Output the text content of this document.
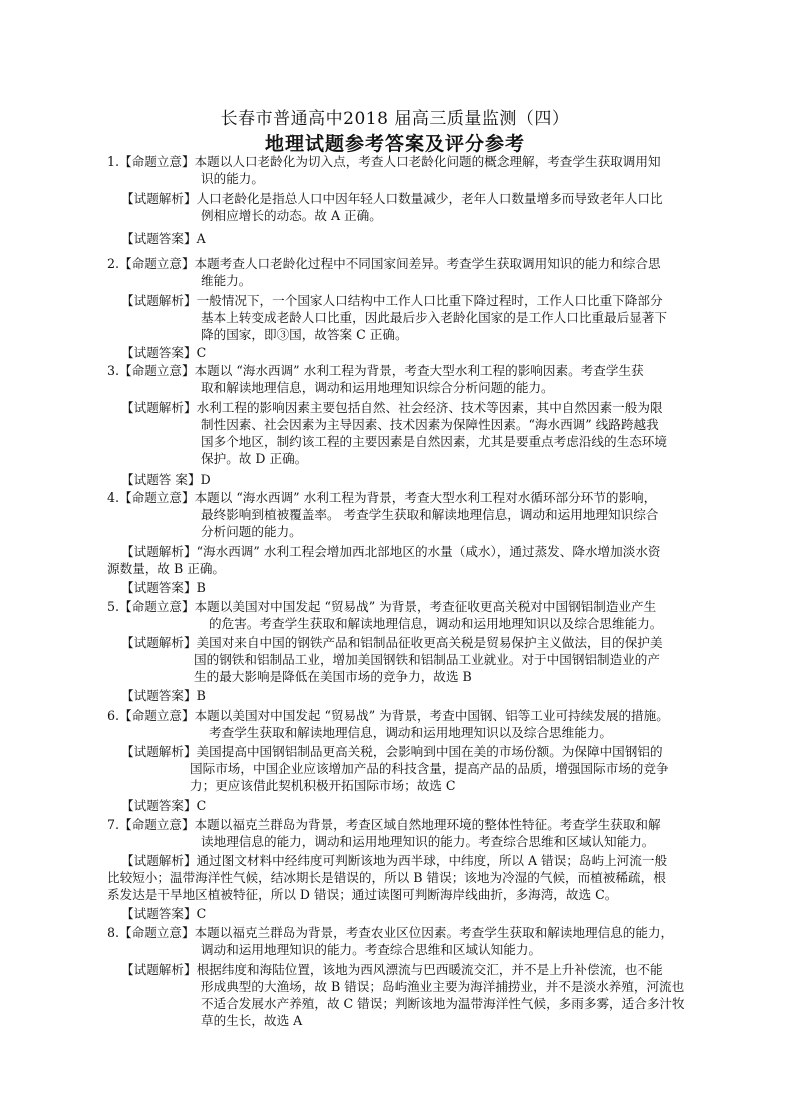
长春市普通高中2018 届高三质量监测（四）
地理试题参考答案及评分参考
1.【命题立意】本题以人口老龄化为切入点，考查人口老龄化问题的概念理解，考查学生获取调用知
识的能力。
【试题解析】人口老龄化是指总人口中因年轻人口数量减少，老年人口数量增多而导致老年人口比
例相应增长的动态。故 A 正确。
【试题答案】A
2.【命题立意】本题考查人口老龄化过程中不同国家间差异。考查学生获取调用知识的能力和综合思
维能力。
【试题解析】一般情况下，一个国家人口结构中工作人口比重下降过程时，工作人口比重下降部分
基本上转变成老龄人口比重，因此最后步入老龄化国家的是工作人口比重最后显著下
降的国家，即③国，故答案 C 正确。
【试题答案】C
3.【命题立意】本题以 “海水西调” 水利工程为背景，考查大型水利工程的影响因素。考查学生获
取和解读地理信息，调动和运用地理知识综合分析问题的能力。
【试题解析】水利工程的影响因素主要包括自然、社会经济、技术等因素，其中自然因素一般为限
制性因素、社会因素为主导因素、技术因素为保障性因素。“海水西调” 线路跨越我
国多个地区，制约该工程的主要因素是自然因素，尤其是要重点考虑沿线的生态环境
保护。故 D 正确。
【试题答 案】D
4.【命题立意】本题以 “海水西调” 水利工程为背景，考查大型水利工程对水循环部分环节的影响，
最终影响到植被覆盖率。 考查学生获取和解读地理信息，调动和运用地理知识综合
分析问题的能力。
【试题解析】“海水西调” 水利工程会增加西北部地区的水量（咸水），通过蒸发、降水增加淡水资
源数量，故 B 正确。
【试题答案】B
5.【命题立意】本题以美国对中国发起 “贸易战” 为背景，考查征收更高关税对中国钢铝制造业产生
的危害。考查学生获取和解读地理信息，调动和运用地理知识以及综合思维能力。
【试题解析】美国对来自中国的钢铁产品和铝制品征收更高关税是贸易保护主义做法，目的保护美
国的钢铁和铝制品工业，增加美国钢铁和铝制品工业就业。对于中国钢铝制造业的产
生的最大影响是降低在美国市场的竞争力，故选 B
【试题答案】B
6.【命题立意】本题以美国对中国发起 “贸易战” 为背景，考查中国钢、铝等工业可持续发展的措施。
考查学生获取和解读地理信息，调动和运用地理知识以及综合思维能力。
【试题解析】美国提高中国钢铝制品更高关税，会影响到中国在美的市场份额。为保障中国钢铝的
国际市场，中国企业应该增加产品的科技含量，提高产品的品质，增强国际市场的竞争
力；更应该借此契机积极开拓国际市场；故选 C
【试题答案】C
7.【命题立意】本题以福克兰群岛为背景，考查区域自然地理环境的整体性特征。考查学生获取和解
读地理信息的能力，调动和运用地理知识的能力。考查综合思维和区域认知能力。
【试题解析】通过图文材料中经纬度可判断该地为西半球，中纬度，所以 A 错误；岛屿上河流一般
比较短小；温带海洋性气候，结冰期长是错误的，所以 B 错误；该地为冷湿的气候，而植被稀疏，根
系发达是干旱地区植被特征，所以 D 错误；通过读图可判断海岸线曲折，多海湾，故选 C。
【试题答案】C
8.【命题立意】本题以福克兰群岛为背景，考查农业区位因素。考查学生获取和解读地理信息的能力，
调动和运用地理知识的能力。考查综合思维和区域认知能力。
【试题解析】根据纬度和海陆位置，该地为西风漂流与巴西暖流交汇，并不是上升补偿流，也不能
形成典型的大渔场，故 B 错误；岛屿渔业主要为海洋捕捞业，并不是淡水养殖，河流也
不适合发展水产养殖，故 C 错误；判断该地为温带海洋性气候，多雨多雾，适合多汁牧
草的生长，故选 A
